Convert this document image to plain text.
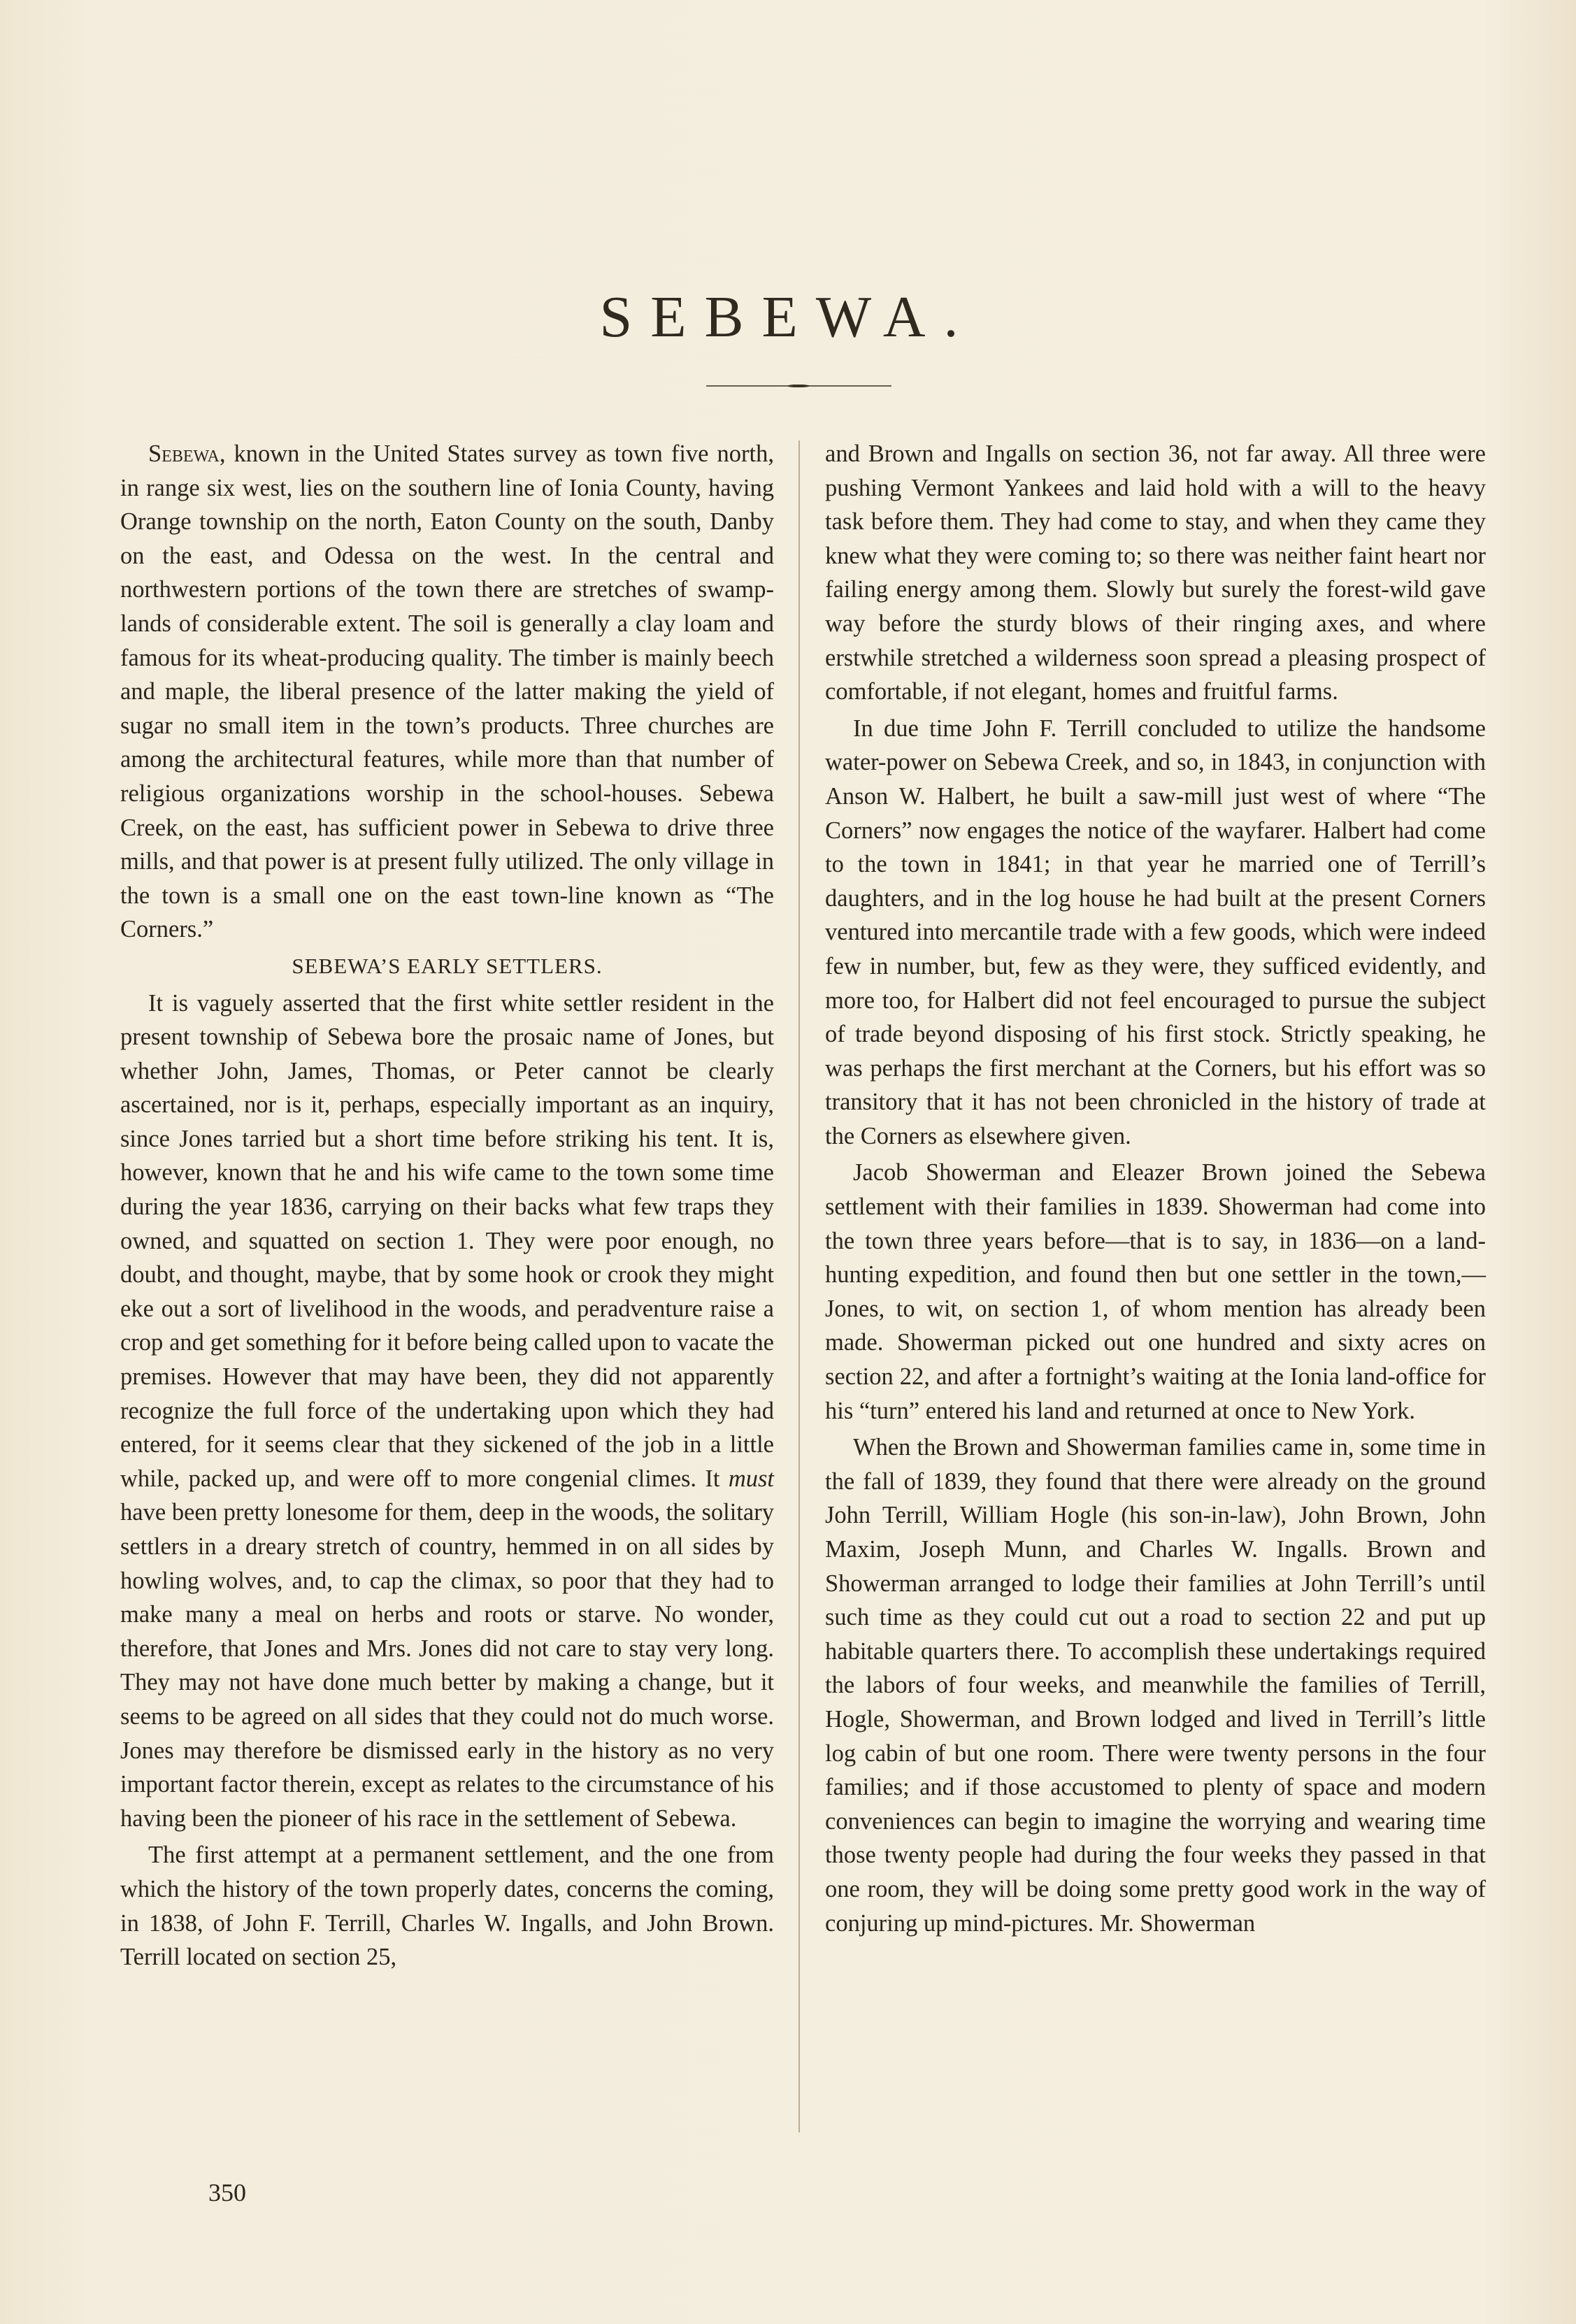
SEBEWA.

Sebewa, known in the United States survey as town five north, in range six west, lies on the southern line of Ionia County, having Orange township on the north, Eaton County on the south, Danby on the east, and Odessa on the west. In the central and northwestern portions of the town there are stretches of swamp-lands of considerable extent. The soil is generally a clay loam and famous for its wheat-producing quality. The timber is mainly beech and maple, the liberal presence of the latter making the yield of sugar no small item in the town’s products. Three churches are among the architectural features, while more than that number of religious organizations worship in the school-houses. Sebewa Creek, on the east, has sufficient power in Sebewa to drive three mills, and that power is at present fully utilized. The only village in the town is a small one on the east town-line known as “The Corners.”

SEBEWA’S EARLY SETTLERS.

It is vaguely asserted that the first white settler resident in the present township of Sebewa bore the prosaic name of Jones, but whether John, James, Thomas, or Peter cannot be clearly ascertained, nor is it, perhaps, especially important as an inquiry, since Jones tarried but a short time before striking his tent. It is, however, known that he and his wife came to the town some time during the year 1836, carrying on their backs what few traps they owned, and squatted on section 1. They were poor enough, no doubt, and thought, maybe, that by some hook or crook they might eke out a sort of livelihood in the woods, and peradventure raise a crop and get something for it before being called upon to vacate the premises. However that may have been, they did not apparently recognize the full force of the undertaking upon which they had entered, for it seems clear that they sickened of the job in a little while, packed up, and were off to more congenial climes. It must have been pretty lonesome for them, deep in the woods, the solitary settlers in a dreary stretch of country, hemmed in on all sides by howling wolves, and, to cap the climax, so poor that they had to make many a meal on herbs and roots or starve. No wonder, therefore, that Jones and Mrs. Jones did not care to stay very long. They may not have done much better by making a change, but it seems to be agreed on all sides that they could not do much worse. Jones may therefore be dismissed early in the history as no very important factor therein, except as relates to the circumstance of his having been the pioneer of his race in the settlement of Sebewa.

The first attempt at a permanent settlement, and the one from which the history of the town properly dates, concerns the coming, in 1838, of John F. Terrill, Charles W. Ingalls, and John Brown. Terrill located on section 25,

and Brown and Ingalls on section 36, not far away. All three were pushing Vermont Yankees and laid hold with a will to the heavy task before them. They had come to stay, and when they came they knew what they were coming to; so there was neither faint heart nor failing energy among them. Slowly but surely the forest-wild gave way before the sturdy blows of their ringing axes, and where erstwhile stretched a wilderness soon spread a pleasing prospect of comfortable, if not elegant, homes and fruitful farms.

In due time John F. Terrill concluded to utilize the handsome water-power on Sebewa Creek, and so, in 1843, in conjunction with Anson W. Halbert, he built a saw-mill just west of where “The Corners” now engages the notice of the wayfarer. Halbert had come to the town in 1841; in that year he married one of Terrill’s daughters, and in the log house he had built at the present Corners ventured into mercantile trade with a few goods, which were indeed few in number, but, few as they were, they sufficed evidently, and more too, for Halbert did not feel encouraged to pursue the subject of trade beyond disposing of his first stock. Strictly speaking, he was perhaps the first merchant at the Corners, but his effort was so transitory that it has not been chronicled in the history of trade at the Corners as elsewhere given.

Jacob Showerman and Eleazer Brown joined the Sebewa settlement with their families in 1839. Showerman had come into the town three years before—that is to say, in 1836—on a land-hunting expedition, and found then but one settler in the town,—Jones, to wit, on section 1, of whom mention has already been made. Showerman picked out one hundred and sixty acres on section 22, and after a fortnight’s waiting at the Ionia land-office for his “turn” entered his land and returned at once to New York.

When the Brown and Showerman families came in, some time in the fall of 1839, they found that there were already on the ground John Terrill, William Hogle (his son-in-law), John Brown, John Maxim, Joseph Munn, and Charles W. Ingalls. Brown and Showerman arranged to lodge their families at John Terrill’s until such time as they could cut out a road to section 22 and put up habitable quarters there. To accomplish these undertakings required the labors of four weeks, and meanwhile the families of Terrill, Hogle, Showerman, and Brown lodged and lived in Terrill’s little log cabin of but one room. There were twenty persons in the four families; and if those accustomed to plenty of space and modern conveniences can begin to imagine the worrying and wearing time those twenty people had during the four weeks they passed in that one room, they will be doing some pretty good work in the way of conjuring up mind-pictures. Mr. Showerman

350
